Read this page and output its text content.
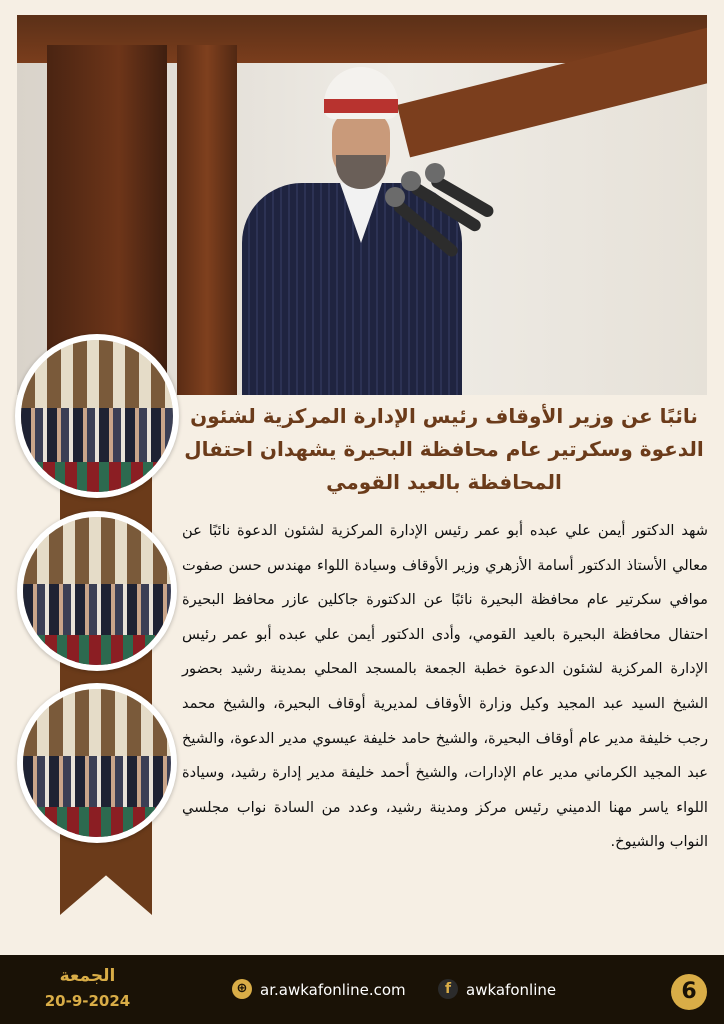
نائبًا عن وزير الأوقاف رئيس الإدارة المركزية لشئون الدعوة وسكرتير عام محافظة البحيرة يشهدان احتفال المحافظة بالعيد القومي

شهد الدكتور أيمن علي عبده أبو عمر رئيس الإدارة المركزية لشئون الدعوة نائبًا عن معالي الأستاذ الدكتور أسامة الأزهري وزير الأوقاف وسيادة اللواء مهندس حسن صفوت موافي سكرتير عام محافظة البحيرة نائبًا عن الدكتورة جاكلين عازر محافظ البحيرة احتفال محافظة البحيرة بالعيد القومي، وأدى الدكتور أيمن علي عبده أبو عمر رئيس الإدارة المركزية لشئون الدعوة خطبة الجمعة بالمسجد المحلي بمدينة رشيد بحضور الشيخ السيد عبد المجيد وكيل وزارة الأوقاف لمديرية أوقاف البحيرة، والشيخ محمد رجب خليفة مدير عام أوقاف البحيرة، والشيخ حامد خليفة عيسوي مدير الدعوة، والشيخ عبد المجيد الكرماني مدير عام الإدارات، والشيخ أحمد خليفة مدير إدارة رشيد، وسيادة اللواء ياسر مهنا الدميني رئيس مركز ومدينة رشيد، وعدد من السادة نواب مجلسي النواب والشيوخ.

الجمعة
20-9-2024
⊕ ar.awkafonline.com	f awkafonline	6
